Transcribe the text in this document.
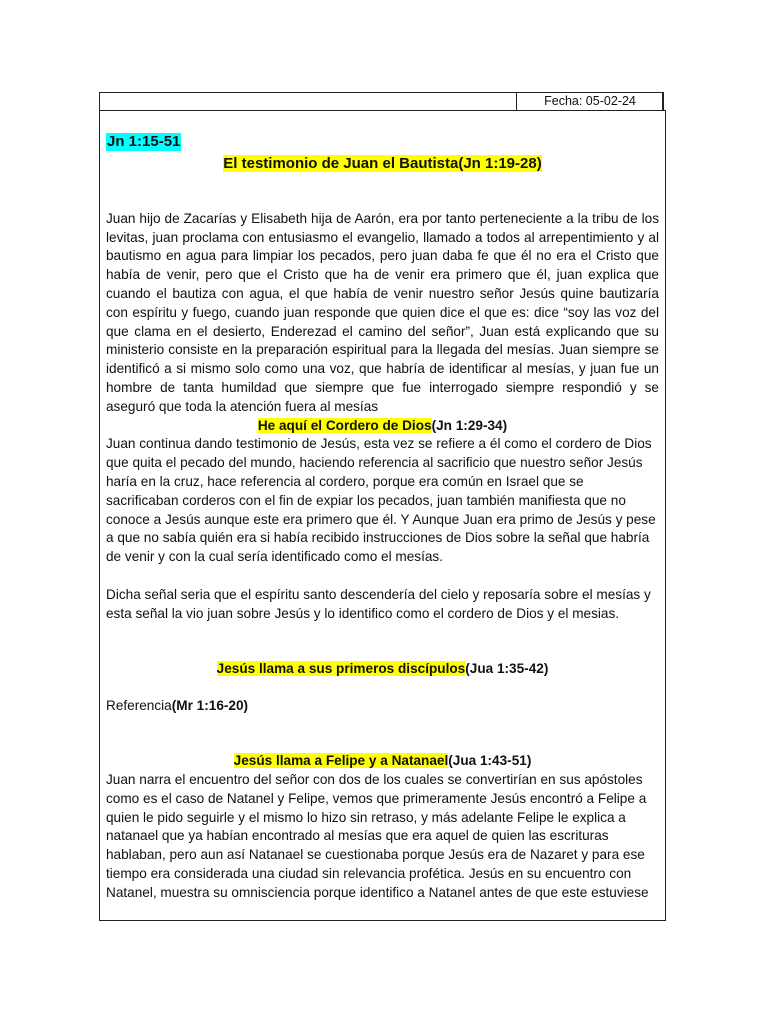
Fecha: 05-02-24
Jn 1:15-51
El testimonio de Juan el Bautista(Jn 1:19-28)

Juan hijo de Zacarías y Elisabeth hija de Aarón, era por tanto perteneciente a la tribu de los levitas, juan proclama con entusiasmo el evangelio, llamado a todos al arrepentimiento y al bautismo en agua para limpiar los pecados, pero juan daba fe que él no era el Cristo que había de venir, pero que el Cristo que ha de venir era primero que él, juan explica que cuando el bautiza con agua, el que había de venir nuestro señor Jesús quine bautizaría con espíritu y fuego, cuando juan responde que quien dice el que es: dice “soy las voz del que clama en el desierto, Enderezad el camino del señor”, Juan está explicando que su ministerio consiste en la preparación espiritual para la llegada del mesías. Juan siempre se identificó a si mismo solo como una voz, que habría de identificar al mesías, y juan fue un hombre de tanta humildad que siempre que fue interrogado siempre respondió y se aseguró que toda la atención fuera al mesías

He aquí el Cordero de Dios(Jn 1:29-34)

Juan continua dando testimonio de Jesús, esta vez se refiere a él como el cordero de Dios que quita el pecado del mundo, haciendo referencia al sacrificio que nuestro señor Jesús haría en la cruz, hace referencia al cordero, porque era común en Israel que se sacrificaban corderos con el fin de expiar los pecados, juan también manifiesta que no conoce a Jesús aunque este era primero que él. Y Aunque Juan era primo de Jesús y pese a que no sabía quién era si había recibido instrucciones de Dios sobre la señal que habría de venir y con la cual sería identificado como el mesías.

Dicha señal seria que el espíritu santo descendería del cielo y reposaría sobre el mesías y esta señal la vio juan sobre Jesús y lo identifico como el cordero de Dios y el mesias.

Jesús llama a sus primeros discípulos(Jua 1:35-42)

Referencia(Mr 1:16-20)

Jesús llama a Felipe y a Natanael(Jua 1:43-51)

Juan narra el encuentro del señor con dos de los cuales se convertirían en sus apóstoles como es el caso de Natanel y Felipe, vemos que primeramente Jesús encontró a Felipe a quien le pido seguirle y el mismo lo hizo sin retraso, y más adelante Felipe le explica a natanael que ya habían encontrado al mesías que era aquel de quien las escrituras hablaban, pero aun así Natanael se cuestionaba porque Jesús era de Nazaret y para ese tiempo era considerada una ciudad sin relevancia profética. Jesús en su encuentro con Natanel, muestra su omnisciencia porque identifico a Natanel antes de que este estuviese
